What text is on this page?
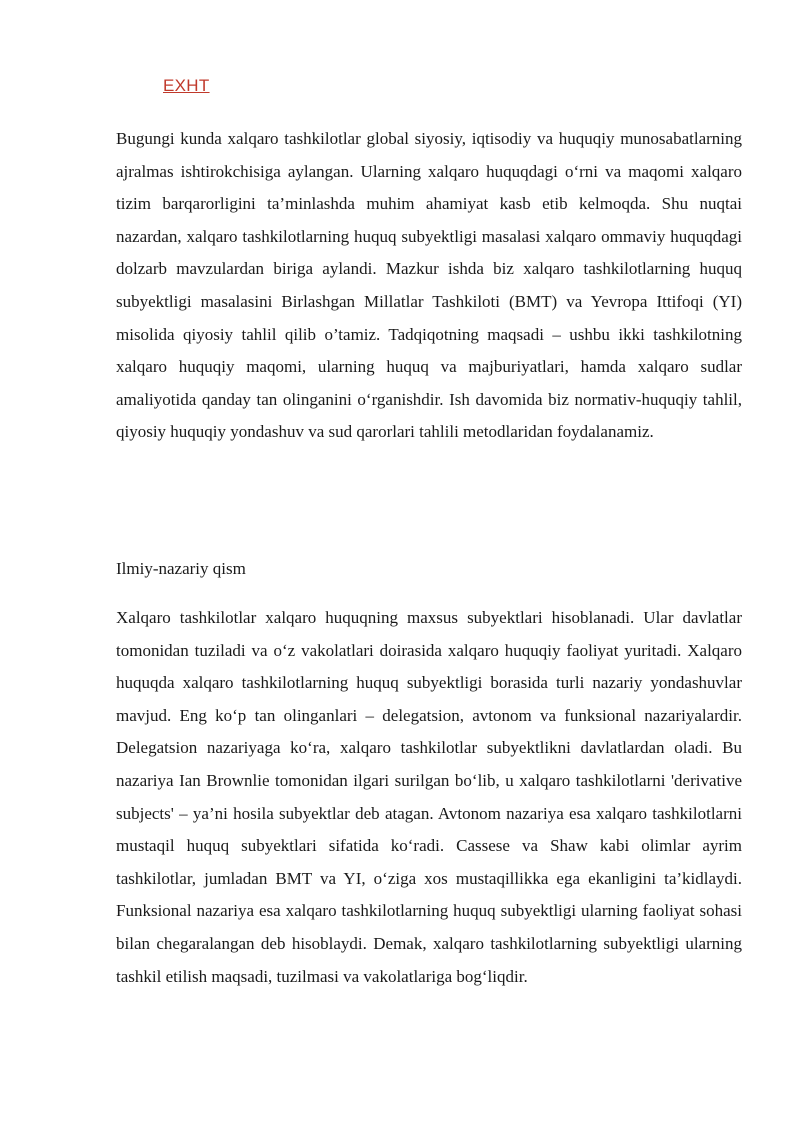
EXHT

Bugungi kunda xalqaro tashkilotlar global siyosiy, iqtisodiy va huquqiy munosabatlarning ajralmas ishtirokchisiga aylangan. Ularning xalqaro huquqdagi o‘rni va maqomi xalqaro tizim barqarorligini ta’minlashda muhim ahamiyat kasb etib kelmoqda. Shu nuqtai nazardan, xalqaro tashkilotlarning huquq subyektligi masalasi xalqaro ommaviy huquqdagi dolzarb mavzulardan biriga aylandi. Mazkur ishda biz xalqaro tashkilotlarning huquq subyektligi masalasini Birlashgan Millatlar Tashkiloti (BMT) va Yevropa Ittifoqi (YI) misolida qiyosiy tahlil qilib o’tamiz. Tadqiqotning maqsadi – ushbu ikki tashkilotning xalqaro huquqiy maqomi, ularning huquq va majburiyatlari, hamda xalqaro sudlar amaliyotida qanday tan olinganini o‘rganishdir. Ish davomida biz normativ-huquqiy tahlil, qiyosiy huquqiy yondashuv va sud qarorlari tahlili metodlaridan foydalanamiz.

Ilmiy-nazariy qism

Xalqaro tashkilotlar xalqaro huquqning maxsus subyektlari hisoblanadi. Ular davlatlar tomonidan tuziladi va o‘z vakolatlari doirasida xalqaro huquqiy faoliyat yuritadi. Xalqaro huquqda xalqaro tashkilotlarning huquq subyektligi borasida turli nazariy yondashuvlar mavjud. Eng ko‘p tan olinganlari – delegatsion, avtonom va funksional nazariyalardir. Delegatsion nazariyaga ko‘ra, xalqaro tashkilotlar subyektlikni davlatlardan oladi. Bu nazariya Ian Brownlie tomonidan ilgari surilgan bo‘lib, u xalqaro tashkilotlarni 'derivative subjects' – ya’ni hosila subyektlar deb atagan. Avtonom nazariya esa xalqaro tashkilotlarni mustaqil huquq subyektlari sifatida ko‘radi. Cassese va Shaw kabi olimlar ayrim tashkilotlar, jumladan BMT va YI, o‘ziga xos mustaqillikka ega ekanligini ta’kidlaydi. Funksional nazariya esa xalqaro tashkilotlarning huquq subyektligi ularning faoliyat sohasi bilan chegaralangan deb hisoblaydi. Demak, xalqaro tashkilotlarning subyektligi ularning tashkil etilish maqsadi, tuzilmasi va vakolatlariga bog‘liqdir.
